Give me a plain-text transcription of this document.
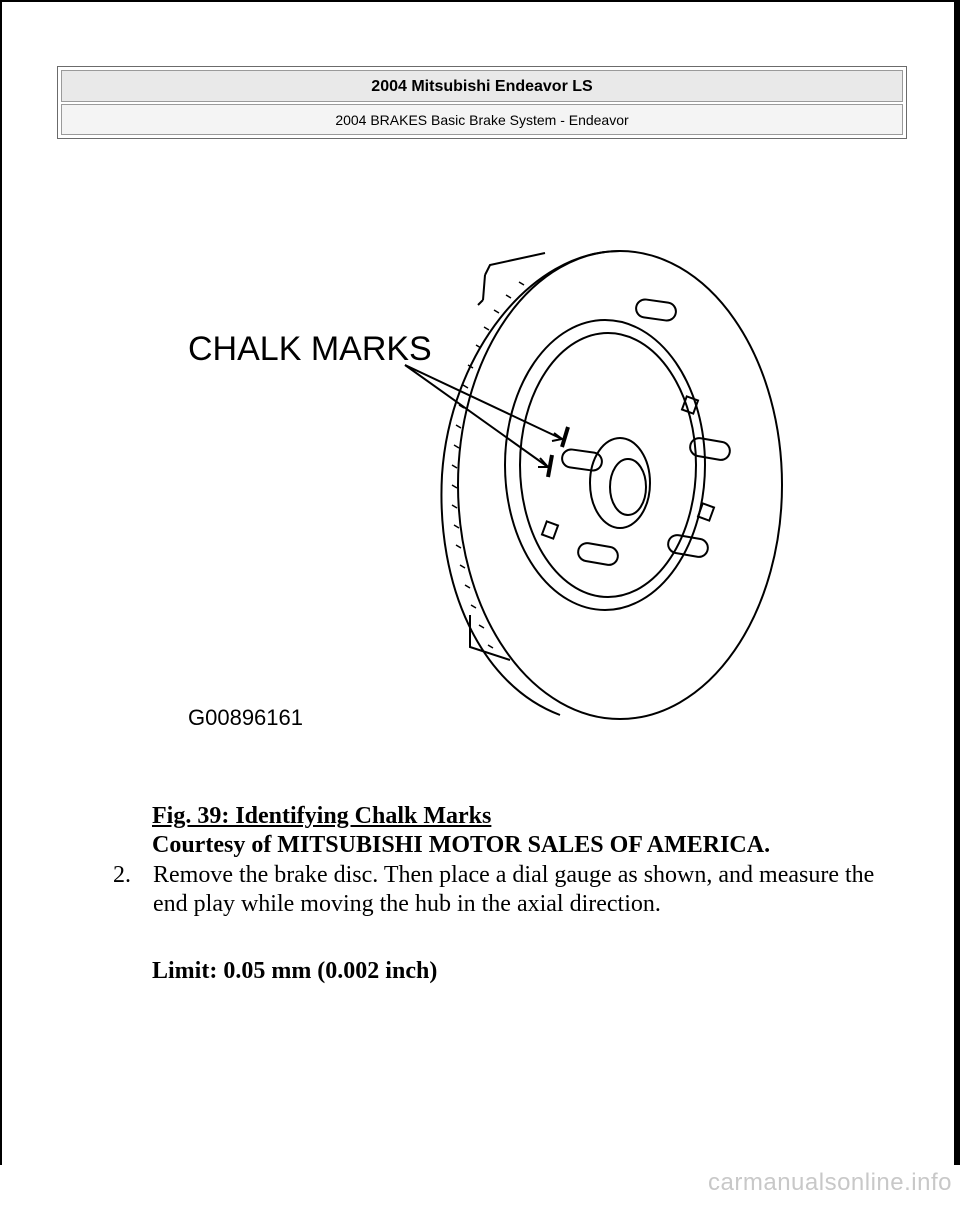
2004 Mitsubishi Endeavor LS
2004 BRAKES Basic Brake System - Endeavor
CHALK MARKS
G00896161
Fig. 39: Identifying Chalk Marks
Courtesy of MITSUBISHI MOTOR SALES OF AMERICA.
2. Remove the brake disc. Then place a dial gauge as shown, and measure the end play while moving the hub in the axial direction.
Limit: 0.05 mm (0.002 inch)
carmanualsonline.info
